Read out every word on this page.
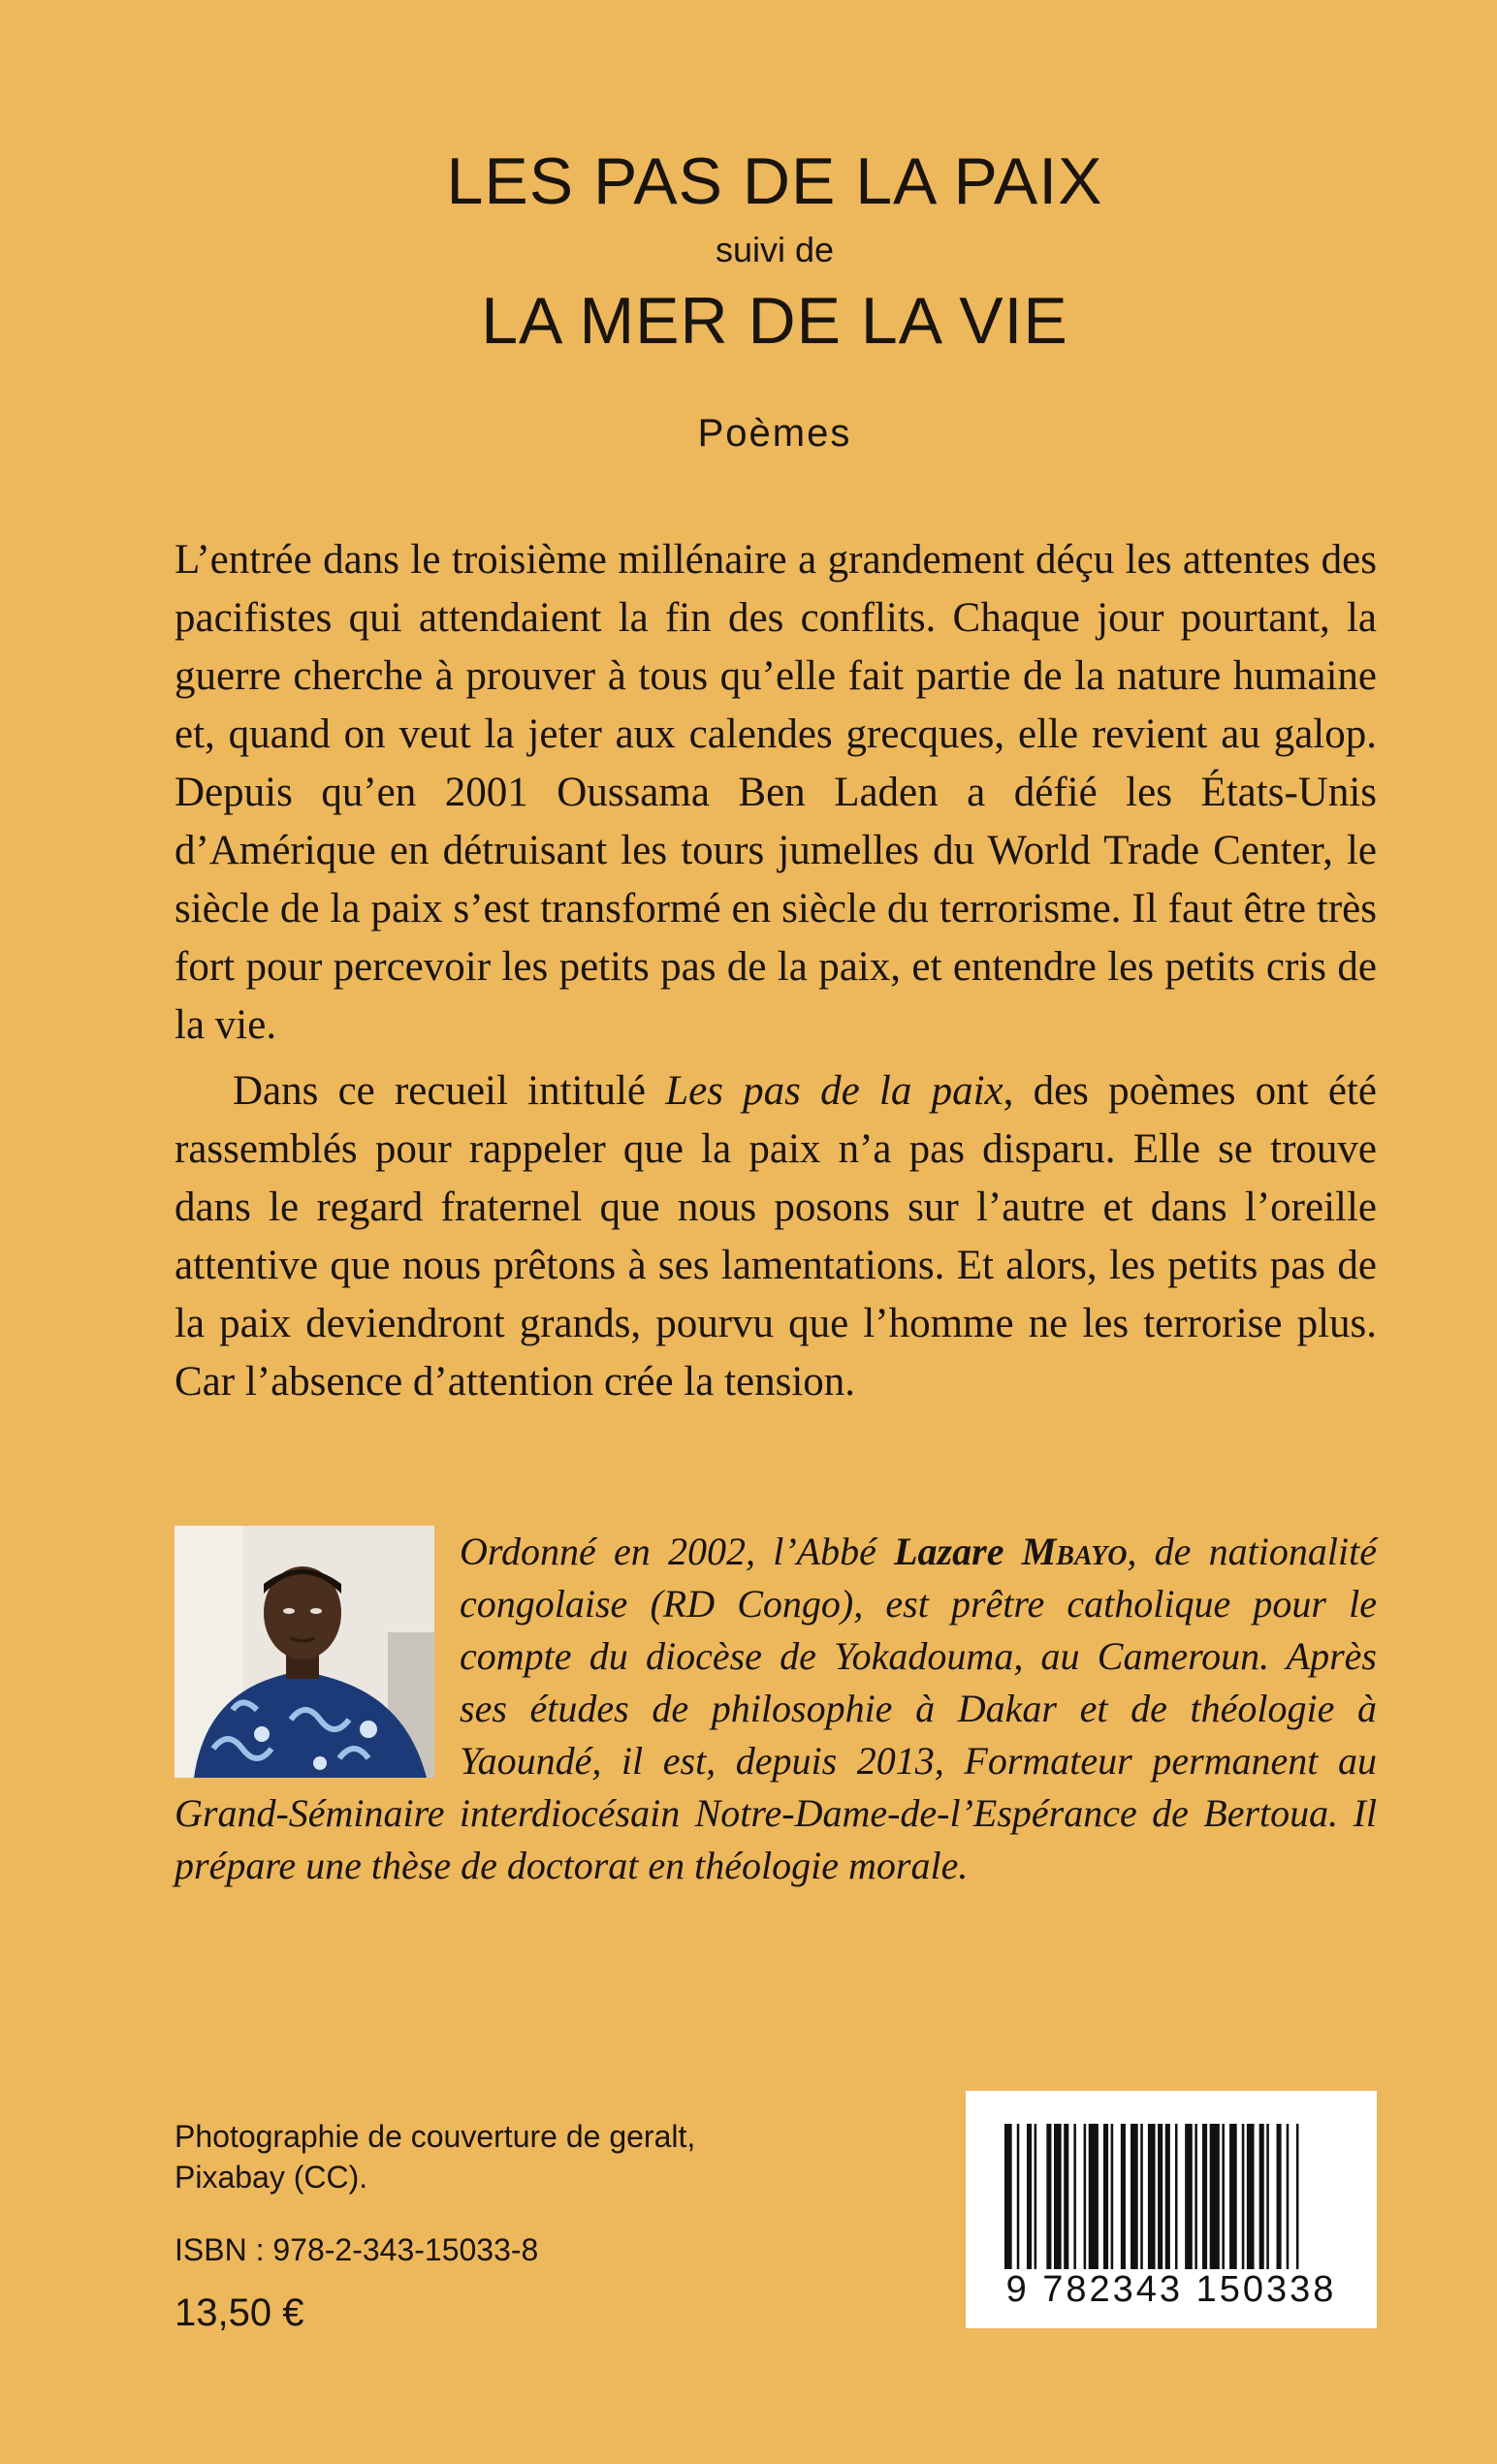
LES PAS DE LA PAIX
suivi de
LA MER DE LA VIE
Poèmes

L’entrée dans le troisième millénaire a grandement déçu les attentes des pacifistes qui attendaient la fin des conflits. Chaque jour pourtant, la guerre cherche à prouver à tous qu’elle fait partie de la nature humaine et, quand on veut la jeter aux calendes grecques, elle revient au galop. Depuis qu’en 2001 Oussama Ben Laden a défié les États-Unis d’Amérique en détruisant les tours jumelles du World Trade Center, le siècle de la paix s’est transformé en siècle du terrorisme. Il faut être très fort pour percevoir les petits pas de la paix, et entendre les petits cris de la vie.

Dans ce recueil intitulé Les pas de la paix, des poèmes ont été rassemblés pour rappeler que la paix n’a pas disparu. Elle se trouve dans le regard fraternel que nous posons sur l’autre et dans l’oreille attentive que nous prêtons à ses lamentations. Et alors, les petits pas de la paix deviendront grands, pourvu que l’homme ne les terrorise plus. Car l’absence d’attention crée la tension.

Ordonné en 2002, l’Abbé Lazare Mbayo, de nationalité congolaise (RD Congo), est prêtre catholique pour le compte du diocèse de Yokadouma, au Cameroun. Après ses études de philosophie à Dakar et de théologie à Yaoundé, il est, depuis 2013, Formateur permanent au Grand-Séminaire interdiocésain Notre-Dame-de-l’Espérance de Bertoua. Il prépare une thèse de doctorat en théologie morale.
Photographie de couverture de geralt,
Pixabay (CC).
ISBN : 978-2-343-15033-8
13,50 €
9 782343 150338
